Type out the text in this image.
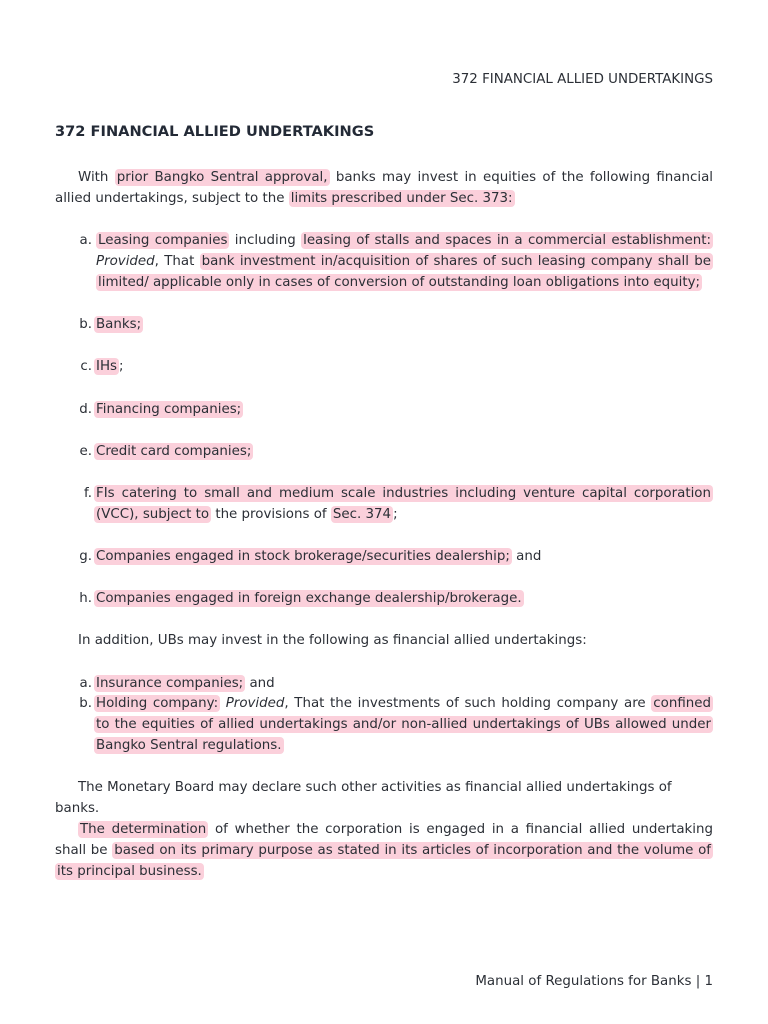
372 FINANCIAL ALLIED UNDERTAKINGS
372 FINANCIAL ALLIED UNDERTAKINGS
With prior Bangko Sentral approval, banks may invest in equities of the following financial allied undertakings, subject to the limits prescribed under Sec. 373:
a. Leasing companies including leasing of stalls and spaces in a commercial establishment: Provided, That bank investment in/acquisition of shares of such leasing company shall be limited/ applicable only in cases of conversion of outstanding loan obligations into equity;
b. Banks;
c. IHs ;
d. Financing companies;
e. Credit card companies;
f. FIs catering to small and medium scale industries including venture capital corporation (VCC), subject to the provisions of Sec. 374 ;
g. Companies engaged in stock brokerage/securities dealership; and
h. Companies engaged in foreign exchange dealership/brokerage.
In addition, UBs may invest in the following as financial allied undertakings:
a. Insurance companies; and
b. Holding company: Provided, That the investments of such holding company are confined to the equities of allied undertakings and/or non-allied undertakings of UBs allowed under Bangko Sentral regulations.
The Monetary Board may declare such other activities as financial allied undertakings of banks.
The determination of whether the corporation is engaged in a financial allied undertaking shall be based on its primary purpose as stated in its articles of incorporation and the volume of its principal business.
Manual of Regulations for Banks | 1
